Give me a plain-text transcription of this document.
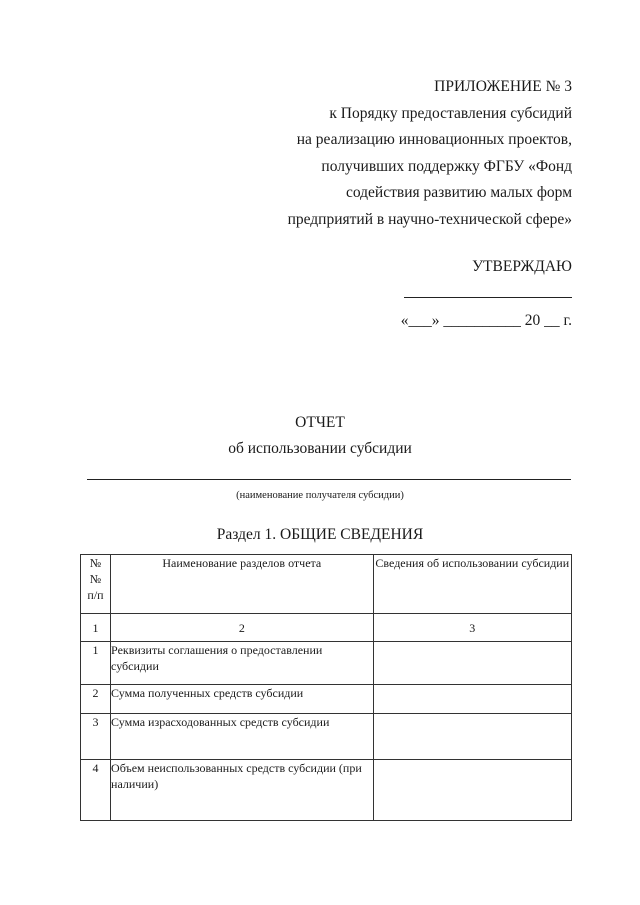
ПРИЛОЖЕНИЕ № 3
к Порядку предоставления субсидий
на реализацию инновационных проектов,
получивших поддержку ФГБУ «Фонд
содействия развитию малых форм
предприятий в научно-технической сфере»
УТВЕРЖДАЮ
«___» __________ 20 __ г.
ОТЧЕТ
об использовании субсидии
(наименование получателя субсидии)
Раздел 1. ОБЩИЕ СВЕДЕНИЯ
№
№
п/п	Наименование разделов отчета	Сведения об использовании субсидии
1	2	3
1	Реквизиты соглашения о предоставлении субсидии	
2	Сумма полученных средств субсидии	
3	Сумма израсходованных средств субсидии	
4	Объем неиспользованных средств субсидии (при наличии)	
